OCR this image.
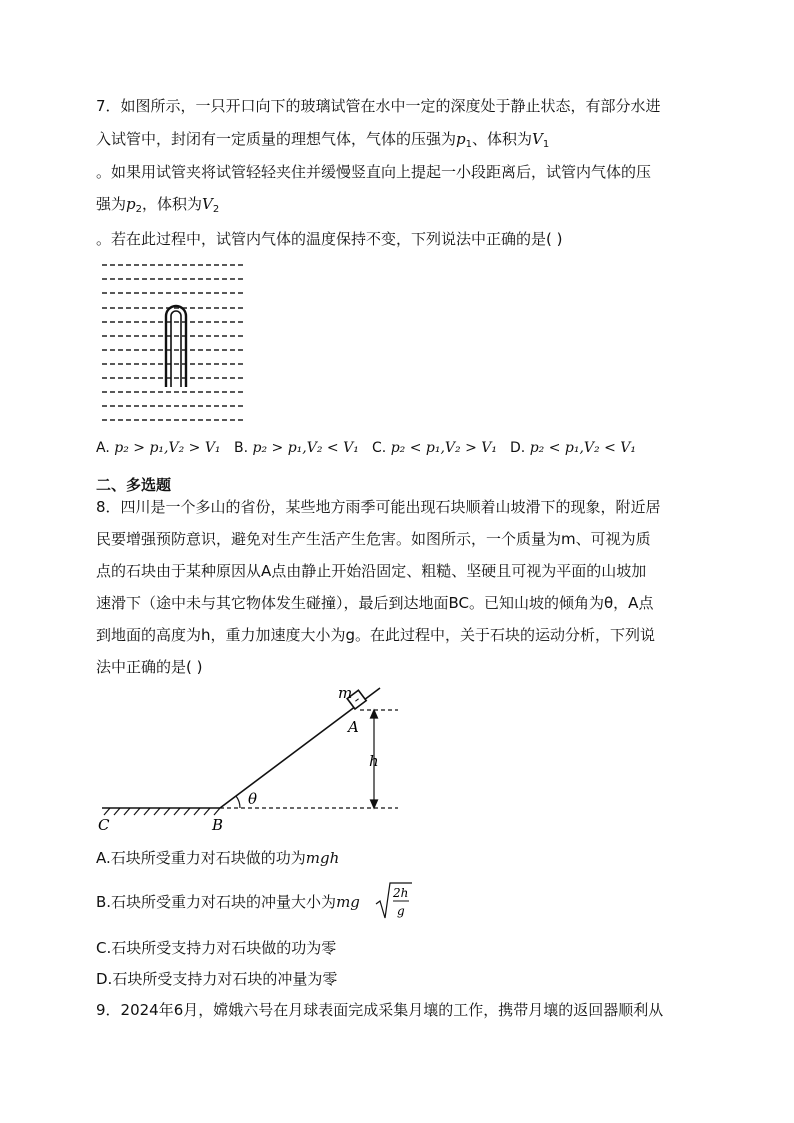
7．如图所示，一只开口向下的玻璃试管在水中一定的深度处于静止状态，有部分水进
入试管中，封闭有一定质量的理想气体，气体的压强为$p_1$、体积为$V_1$
。如果用试管夹将试管轻轻夹住并缓慢竖直向上提起一小段距离后，试管内气体的压
强为$p_2$，体积为$V_2$
。若在此过程中，试管内气体的温度保持不变，下列说法中正确的是( )
A. p₂ > p₁,V₂ > V₁ B. p₂ > p₁,V₂ < V₁ C. p₂ < p₁,V₂ > V₁ D. p₂ < p₁,V₂ < V₁
二、多选题
8．四川是一个多山的省份，某些地方雨季可能出现石块顺着山坡滑下的现象，附近居
民要增强预防意识，避免对生产生活产生危害。如图所示，一个质量为m、可视为质
点的石块由于某种原因从A点由静止开始沿固定、粗糙、坚硬且可视为平面的山坡加
速滑下（途中未与其它物体发生碰撞），最后到达地面BC。已知山坡的倾角为θ，A点
到地面的高度为h，重力加速度大小为g。在此过程中，关于石块的运动分析，下列说
法中正确的是( )
m
A
h
θ
C	B
A.石块所受重力对石块做的功为mgh
B.石块所受重力对石块的冲量大小为mg	2h
g
C.石块所受支持力对石块做的功为零
D.石块所受支持力对石块的冲量为零
9．2024年6月，嫦娥六号在月球表面完成采集月壤的工作，携带月壤的返回器顺利从
